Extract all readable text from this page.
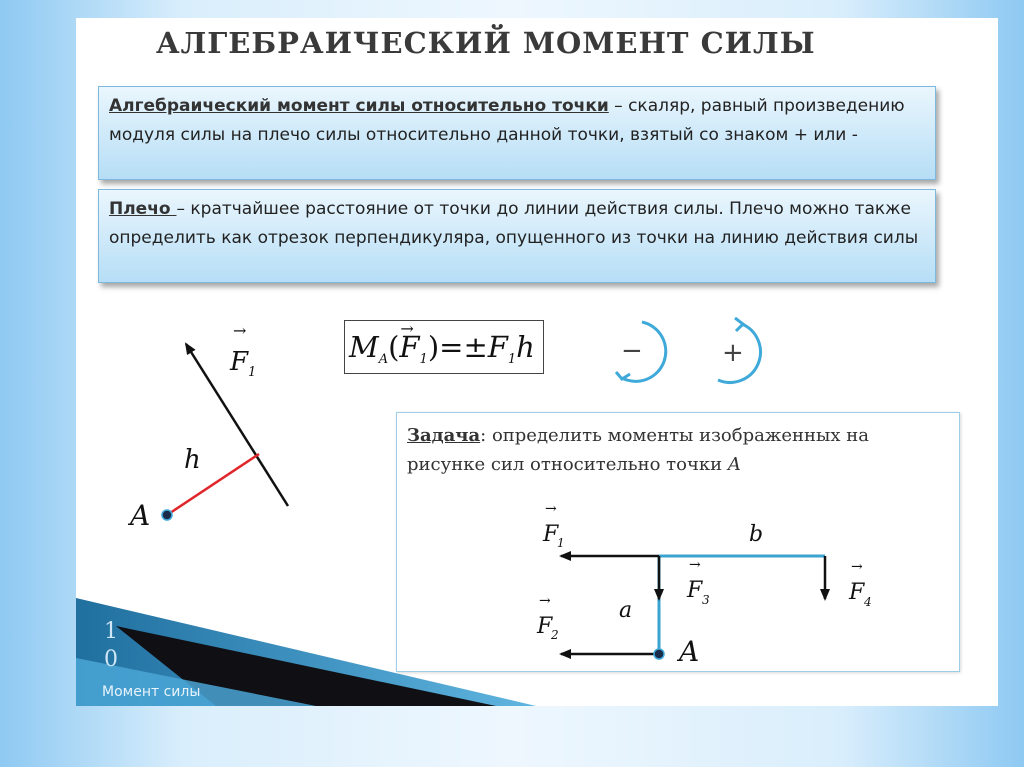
АЛГЕБРАИЧЕСКИЙ МОМЕНТ СИЛЫ
Алгебраический момент силы относительно точки – скаляр, равный произведению модуля силы на плечо силы относительно данной точки, взятый со знаком + или -
Плечо – кратчайшее расстояние от точки до линии действия силы. Плечо можно также определить как отрезок перпендикуляра, опущенного из точки на линию действия силы
F
→
1
h
A
$M_A(\to F_1)=\pm F_1h$	−	+
Задача: определить моменты изображенных на рисунке сил относительно точки A
F
→
1
F
→
2
F
→
3	F
→
4
b
a
A
1
0
Момент силы
